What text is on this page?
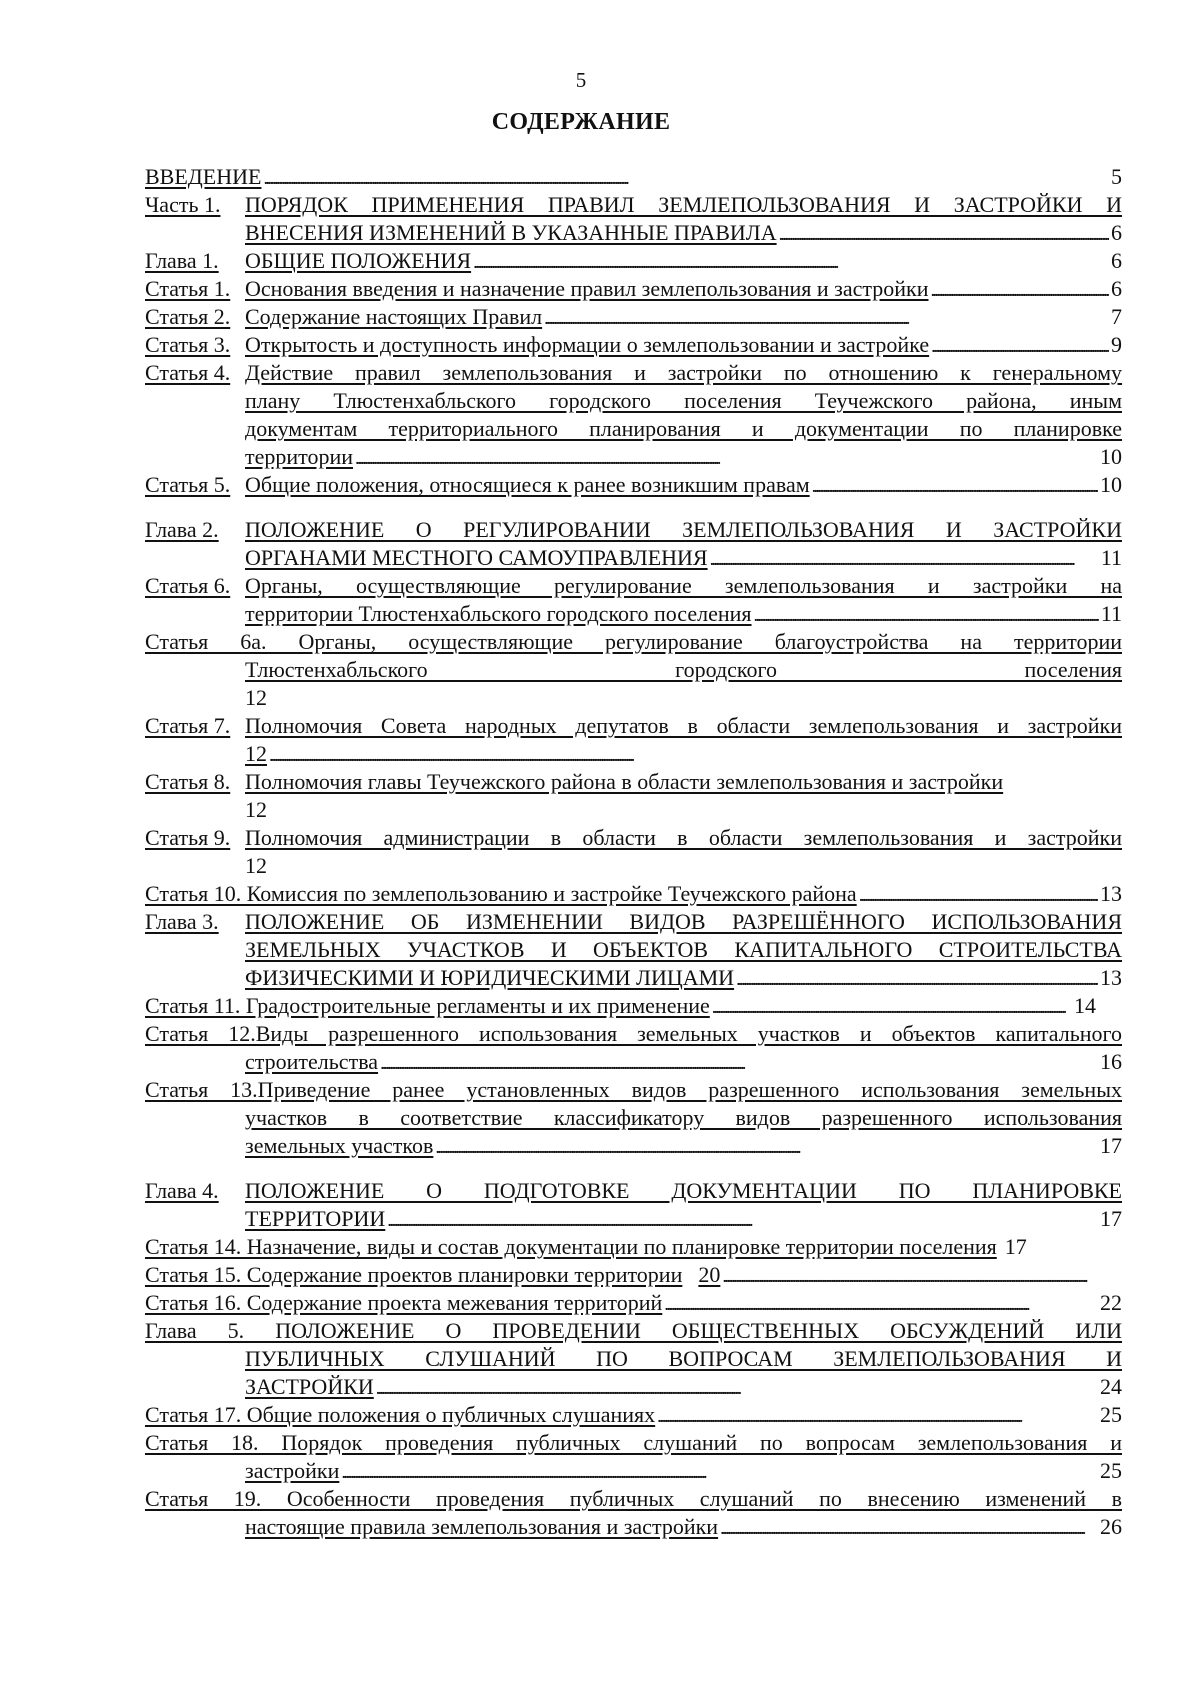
5
СОДЕРЖАНИЕ
ВВЕДЕНИЕ . . .	5
Часть 1. ПОРЯДОК ПРИМЕНЕНИЯ ПРАВИЛ ЗЕМЛЕПОЛЬЗОВАНИЯ И ЗАСТРОЙКИ И
ВНЕСЕНИЯ ИЗМЕНЕНИЙ В УКАЗАННЫЕ ПРАВИЛА . . .	6
Глава 1. ОБЩИЕ ПОЛОЖЕНИЯ . . .	6
Статья 1. Основания введения и назначение правил землепользования и застройки . . .	6
Статья 2. Содержание настоящих Правил . . .	7
Статья 3. Открытость и доступность информации о землепользовании и застройке . . .	9
Статья 4. Действие правил землепользования и застройки по отношению к генеральному
плану Тлюстенхабльского городского поселения Теучежского района, иным
документам территориального планирования и документации по планировке
территории . . .	10
Статья 5. Общие положения, относящиеся к ранее возникшим правам . . .	10
Глава 2. ПОЛОЖЕНИЕ О РЕГУЛИРОВАНИИ ЗЕМЛЕПОЛЬЗОВАНИЯ И ЗАСТРОЙКИ
ОРГАНАМИ МЕСТНОГО САМОУПРАВЛЕНИЯ . . .	11
Статья 6. Органы, осуществляющие регулирование землепользования и застройки на
территории Тлюстенхабльского городского поселения . . .	11
Статья 6а. Органы, осуществляющие регулирование благоустройства на территории
Тлюстенхабльского городского поселения
12
Статья 7. Полномочия Совета народных депутатов в области землепользования и застройки
12
. . .
Статья 8. Полномочия главы Теучежского района в области землепользования и застройки
12
Статья 9. Полномочия администрации в области в области землепользования и застройки
12
Статья 10. Комиссия по землепользованию и застройке Теучежского района . . .	13
Глава 3. ПОЛОЖЕНИЕ ОБ ИЗМЕНЕНИИ ВИДОВ РАЗРЕШЁННОГО ИСПОЛЬЗОВАНИЯ
ЗЕМЕЛЬНЫХ УЧАСТКОВ И ОБЪЕКТОВ КАПИТАЛЬНОГО СТРОИТЕЛЬСТВА
ФИЗИЧЕСКИМИ И ЮРИДИЧЕСКИМИ ЛИЦАМИ . . .	13
Статья 11. Градостроительные регламенты и их применение . . .	14
Статья 12.Виды разрешенного использования земельных участков и объектов капитального
строительства . . .	16
Статья 13.Приведение ранее установленных видов разрешенного использования земельных
участков в соответствие классификатору видов разрешенного использования
земельных участков . . .	17
Глава 4. ПОЛОЖЕНИЕ О ПОДГОТОВКЕ ДОКУМЕНТАЦИИ ПО ПЛАНИРОВКЕ
ТЕРРИТОРИИ . . .	17
Статья 14. Назначение, виды и состав документации по планировке территории поселения 17
Статья 15. Содержание проектов планировки территории 20
. . .
Статья 16. Содержание проекта межевания территорий . . .	22
Глава 5. ПОЛОЖЕНИЕ О ПРОВЕДЕНИИ ОБЩЕСТВЕННЫХ ОБСУЖДЕНИЙ ИЛИ
ПУБЛИЧНЫХ СЛУШАНИЙ ПО ВОПРОСАМ ЗЕМЛЕПОЛЬЗОВАНИЯ И
ЗАСТРОЙКИ . . .	24
Статья 17. Общие положения о публичных слушаниях . . .	25
Статья 18. Порядок проведения публичных слушаний по вопросам землепользования и
застройки . . .	25
Статья 19. Особенности проведения публичных слушаний по внесению изменений в
настоящие правила землепользования и застройки . . .	26
